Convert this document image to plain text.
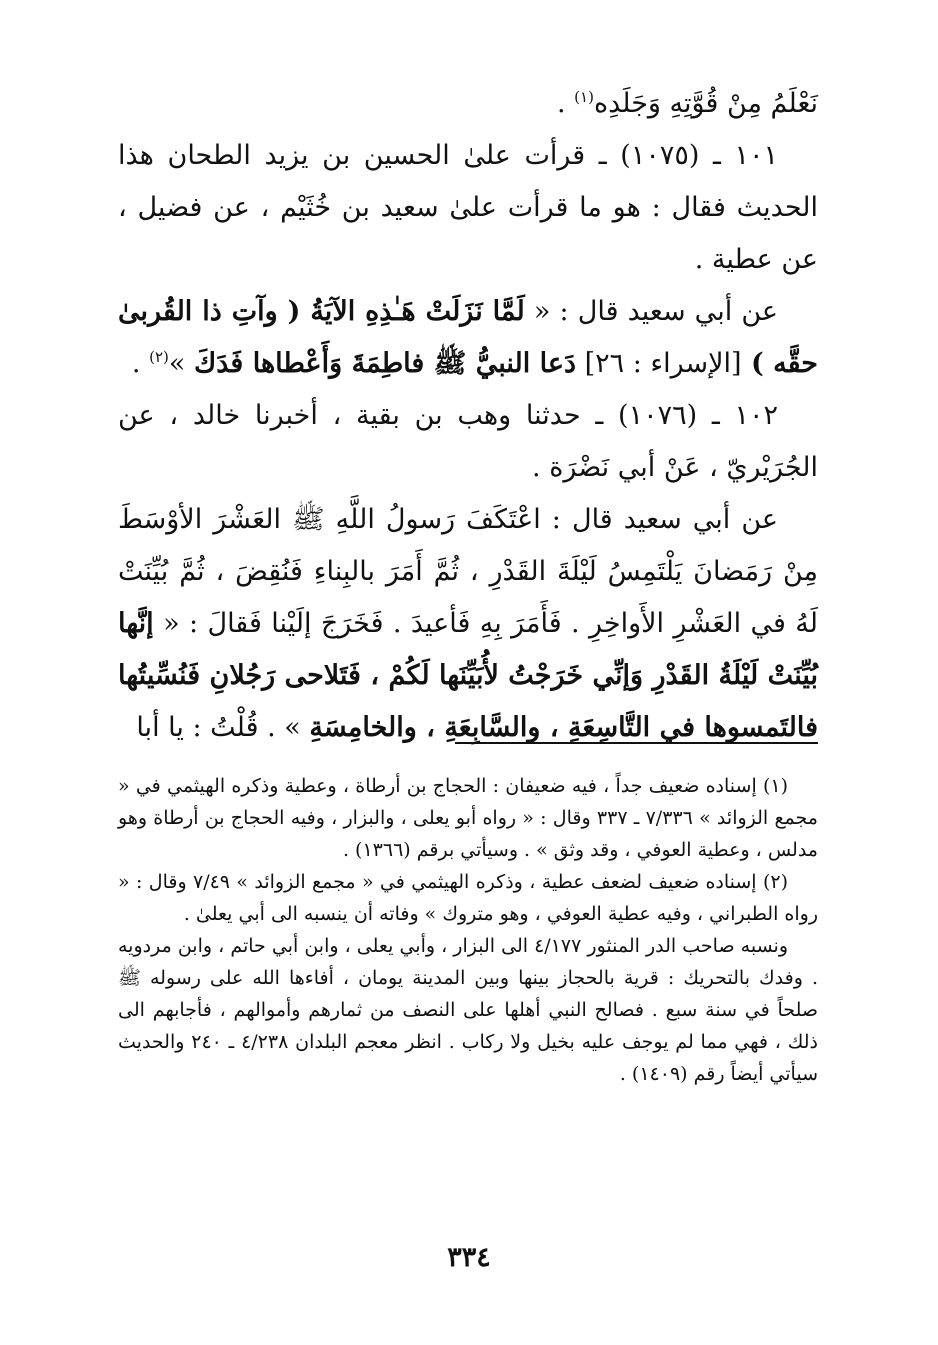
نَعْلَمُ مِنْ قُوَّتِهِ وَجَلَدِه$^{(١)}$ .

١٠١ ـ (١٠٧٥) ـ قرأت علىٰ الحسين بن يزيد الطحان هذا الحديث فقال : هو ما قرأت علىٰ سعيد بن خُثَيْم ، عن فضيل ، عن عطية .

عن أبي سعيد قال : « لَمَّا نَزَلَتْ هَـٰذِهِ الآيَةُ ( وآتِ ذا القُربىٰ حقَّه ) [الإسراء : ٢٦] دَعا النبيُّ ﷺ فاطِمَةَ وَأَعْطاها فَدَكَ »$^{(٢)}$ .

١٠٢ ـ (١٠٧٦) ـ حدثنا وهب بن بقية ، أخبرنا خالد ، عن الجُرَيْريّ ، عَنْ أبي نَضْرَة .

عن أبي سعيد قال : اعْتَكَفَ رَسولُ اللَّهِ ﷺ العَشْرَ الأوْسَطَ مِنْ رَمَضانَ يَلْتَمِسُ لَيْلَةَ القَدْرِ ، ثُمَّ أَمَرَ بالبِناءِ فَنُقِضَ ، ثُمَّ بُيِّنَتْ لَهُ في العَشْرِ الأَواخِرِ . فَأَمَرَ بِهِ فَأعيدَ . فَخَرَجَ إلَيْنا فَقالَ : « إنَّها بُيِّنَتْ لَيْلَةُ القَدْرِ وَإنِّي خَرَجْتُ لأُبَيِّنَها لَكُمْ ، فَتَلاحى رَجُلانِ فَنُسِّيتُها فالتَمسوها في التَّاسِعَةِ ، والسَّابِعَةِ ، والخامِسَةِ » . قُلْتُ : يا أبا

(١) إسناده ضعيف جداً ، فيه ضعيفان : الحجاج بن أرطاة ، وعطية وذكره الهيثمي في « مجمع الزوائد » ٧/٣٣٦ ـ ٣٣٧ وقال : « رواه أبو يعلى ، والبزار ، وفيه الحجاج بن أرطاة وهو مدلس ، وعطية العوفي ، وقد وثق » . وسيأتي برقم (١٣٦٦) .

(٢) إسناده ضعيف لضعف عطية ، وذكره الهيثمي في « مجمع الزوائد » ٧/٤٩ وقال : « رواه الطبراني ، وفيه عطية العوفي ، وهو متروك » وفاته أن ينسبه الى أبي يعلىٰ .

ونسبه صاحب الدر المنثور ٤/١٧٧ الى البزار ، وأبي يعلى ، وابن أبي حاتم ، وابن مردويه . وفدك بالتحريك : قرية بالحجاز بينها وبين المدينة يومان ، أفاءها الله على رسوله ﷺ صلحاً في سنة سبع . فصالح النبي أهلها على النصف من ثمارهم وأموالهم ، فأجابهم الى ذلك ، فهي مما لم يوجف عليه بخيل ولا ركاب . انظر معجم البلدان ٤/٢٣٨ ـ ٢٤٠ والحديث سيأتي أيضاً رقم (١٤٠٩) .

٣٣٤
